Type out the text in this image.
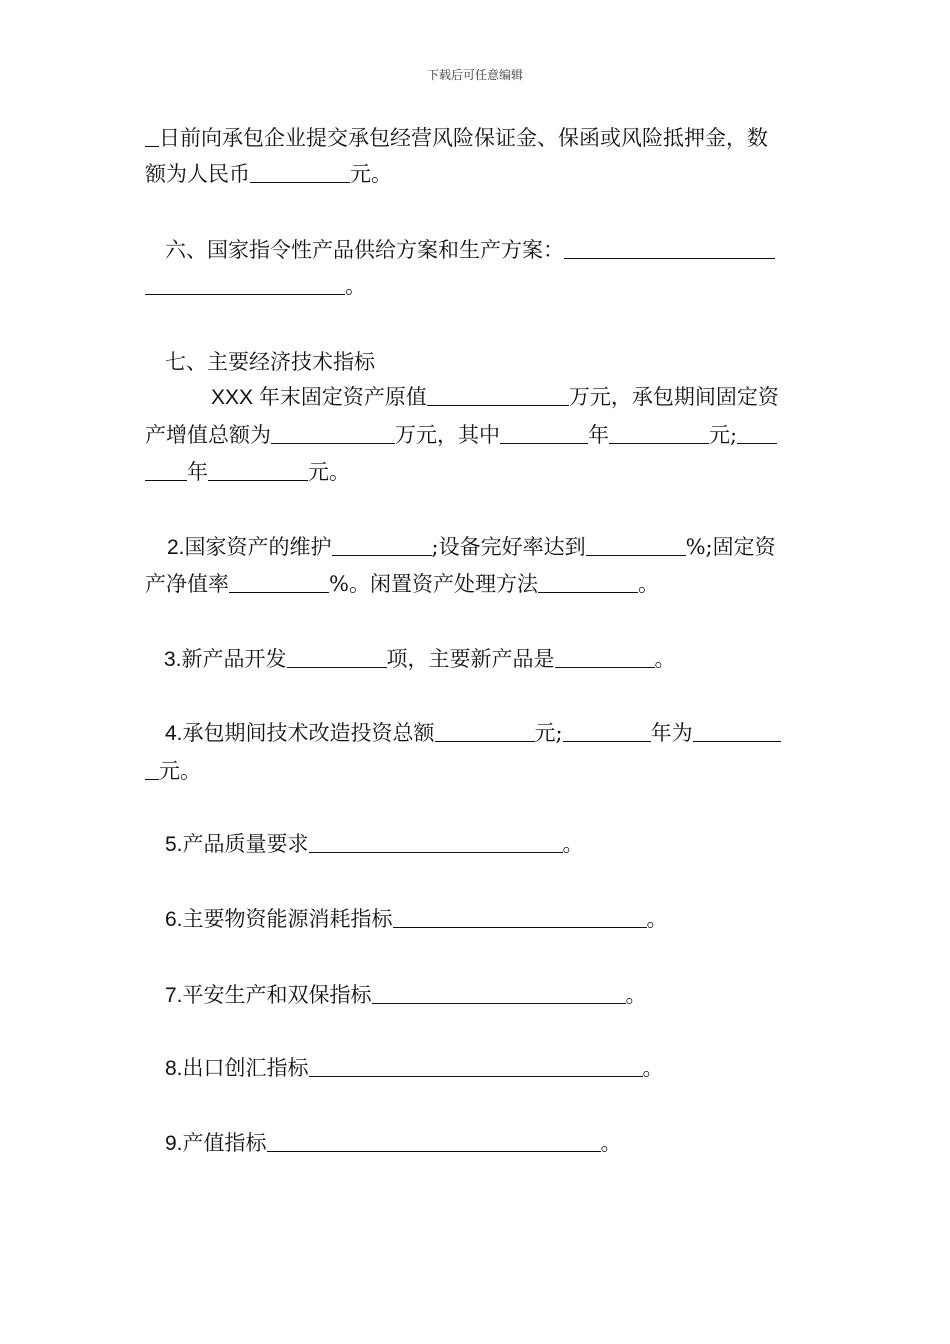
下载后可任意编辑
日前向承包企业提交承包经营风险保证金、保函或风险抵押金，数
额为人民币	元。
六、国家指令性产品供给方案和生产方案：
。
七、主要经济技术指标
XXX 年末固定资产原值	万元，承包期间固定资
产增值总额为	万元，其中	年	元;
年	元。
2.国家资产的维护	;设备完好率达到	%;固定资
产净值率	%。闲置资产处理方法	。
3.新产品开发	项，主要新产品是	。
4.承包期间技术改造投资总额	元;	年为
元。
5.产品质量要求	。
6.主要物资能源消耗指标	。
7.平安生产和双保指标	。
8.出口创汇指标	。
9.产值指标	。
